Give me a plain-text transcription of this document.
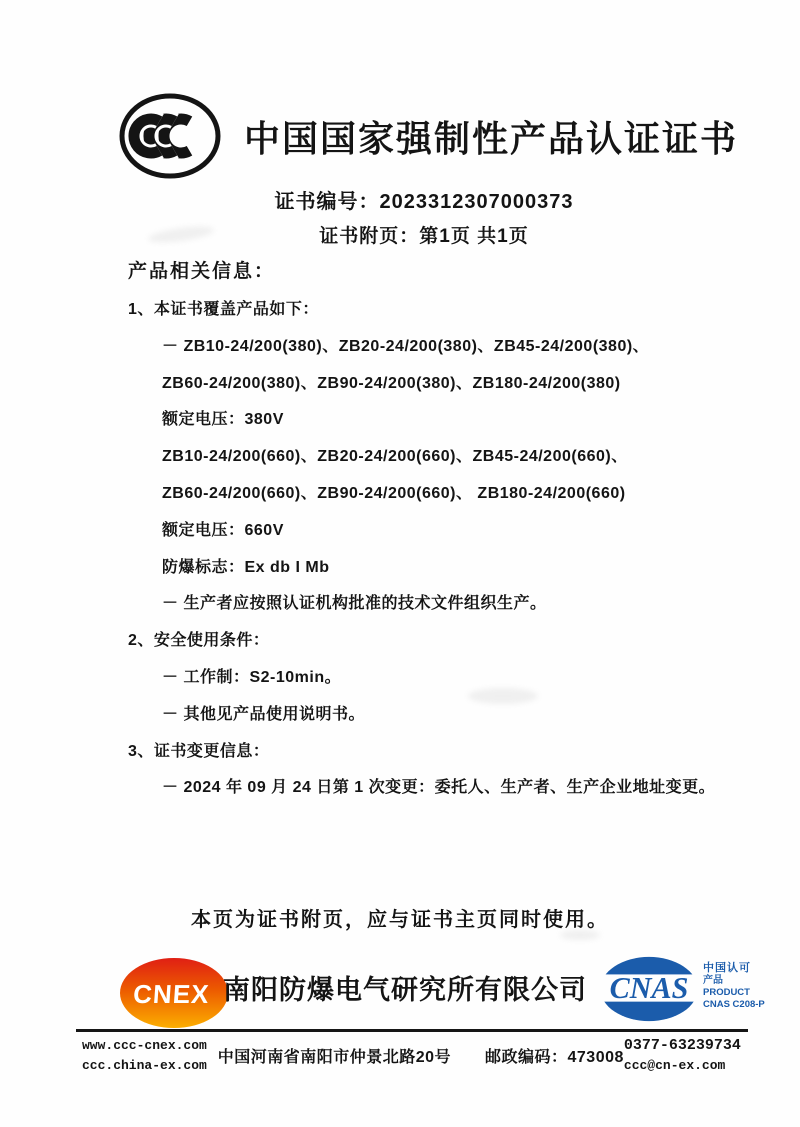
中国国家强制性产品认证证书
证书编号：2023312307000373
证书附页：第1页 共1页
产品相关信息：
1、本证书覆盖产品如下：
－ ZB10-24/200(380)、ZB20-24/200(380)、ZB45-24/200(380)、
ZB60-24/200(380)、ZB90-24/200(380)、ZB180-24/200(380)
额定电压：380V
ZB10-24/200(660)、ZB20-24/200(660)、ZB45-24/200(660)、
ZB60-24/200(660)、ZB90-24/200(660)、 ZB180-24/200(660)
额定电压：660V
防爆标志：Ex db I Mb
－ 生产者应按照认证机构批准的技术文件组织生产。
2、安全使用条件：
－ 工作制：S2-10min。
－ 其他见产品使用说明书。
3、证书变更信息：
－ 2024 年 09 月 24 日第 1 次变更：委托人、生产者、生产企业地址变更。
本页为证书附页，应与证书主页同时使用。
CNEX 南阳防爆电气研究所有限公司 CNAS
中国认可
产品
PRODUCT
CNAS C208-P
www.ccc-cnex.com
ccc.china-ex.com 中国河南省南阳市仲景北路20号 邮政编码：473008
0377-63239734
ccc@cn-ex.com
